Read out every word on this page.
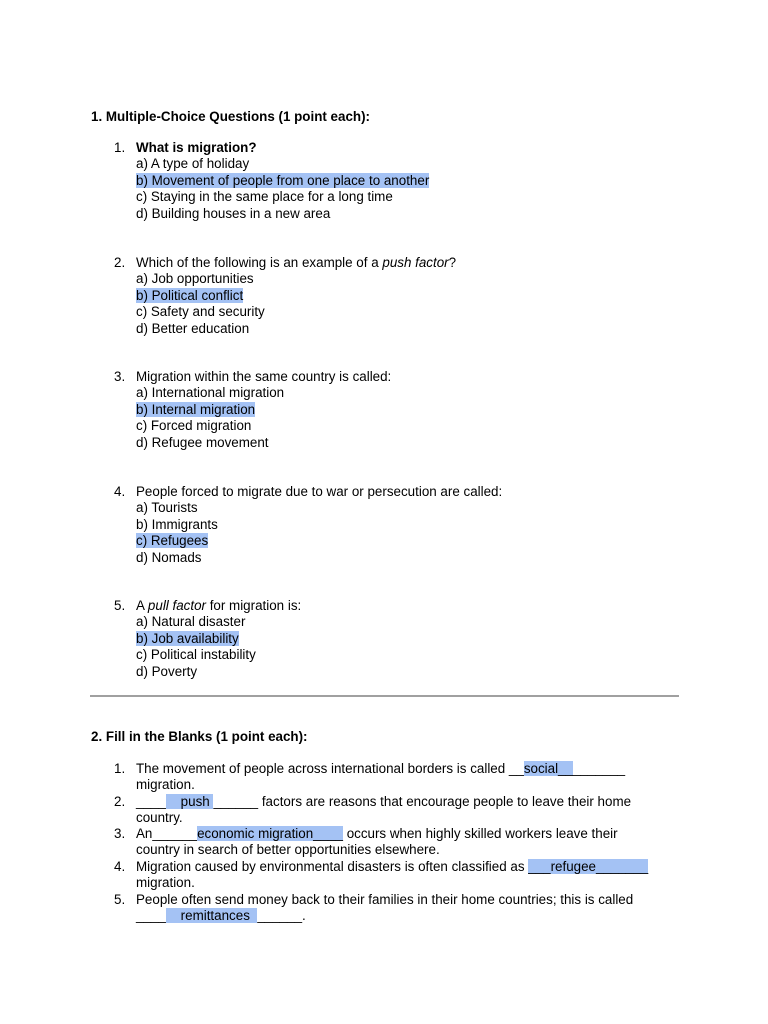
1. Multiple-Choice Questions (1 point each):
1. What is migration?
a) A type of holiday
b) Movement of people from one place to another
c) Staying in the same place for a long time
d) Building houses in a new area
2. Which of the following is an example of a push factor?
a) Job opportunities
b) Political conflict
c) Safety and security
d) Better education
3. Migration within the same country is called:
a) International migration
b) Internal migration
c) Forced migration
d) Refugee movement
4. People forced to migrate due to war or persecution are called:
a) Tourists
b) Immigrants
c) Refugees
d) Nomads
5. A pull factor for migration is:
a) Natural disaster
b) Job availability
c) Political instability
d) Poverty
2. Fill in the Blanks (1 point each):
1. The movement of people across international borders is called __social_________
migration.
2. ____    push ______ factors are reasons that encourage people to leave their home
country.
3. An______economic migration____ occurs when highly skilled workers leave their
country in search of better opportunities elsewhere.
4. Migration caused by environmental disasters is often classified as ___refugee_______
migration.
5. People often send money back to their families in their home countries; this is called
____    remittances  ______.
